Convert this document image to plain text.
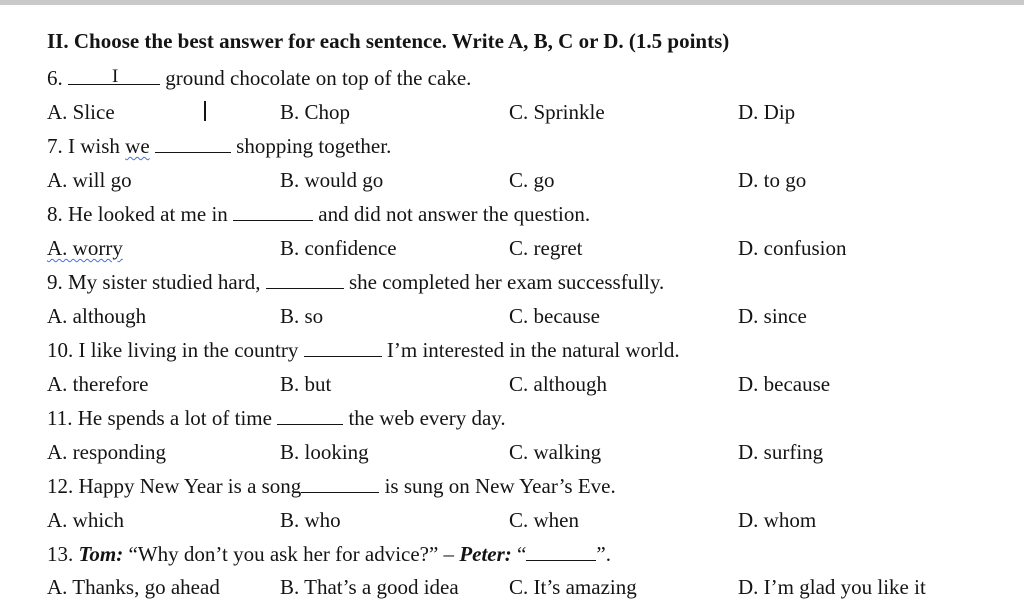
II. Choose the best answer for each sentence. Write A, B, C or D. (1.5 points)
6.	I ground chocolate on top of the cake.
A. Slice	B. Chop	C. Sprinkle	D. Dip
7. I wish we	shopping together.
A. will go	B. would go	C. go	D. to go
8. He looked at me in	and did not answer the question.
A. worry	B. confidence	C. regret	D. confusion
9. My sister studied hard,	she completed her exam successfully.
A. although	B. so	C. because	D. since
10. I like living in the country	I’m interested in the natural world.
A. therefore	B. but	C. although	D. because
11. He spends a lot of time	the web every day.
A. responding	B. looking	C. walking	D. surfing
12. Happy New Year is a song	is sung on New Year’s Eve.
A. which	B. who	C. when	D. whom
13. Tom: “Why don’t you ask her for advice?” – Peter: “	”.
A. Thanks, go ahead	B. That’s a good idea C. It’s amazing	D. I’m glad you like it
